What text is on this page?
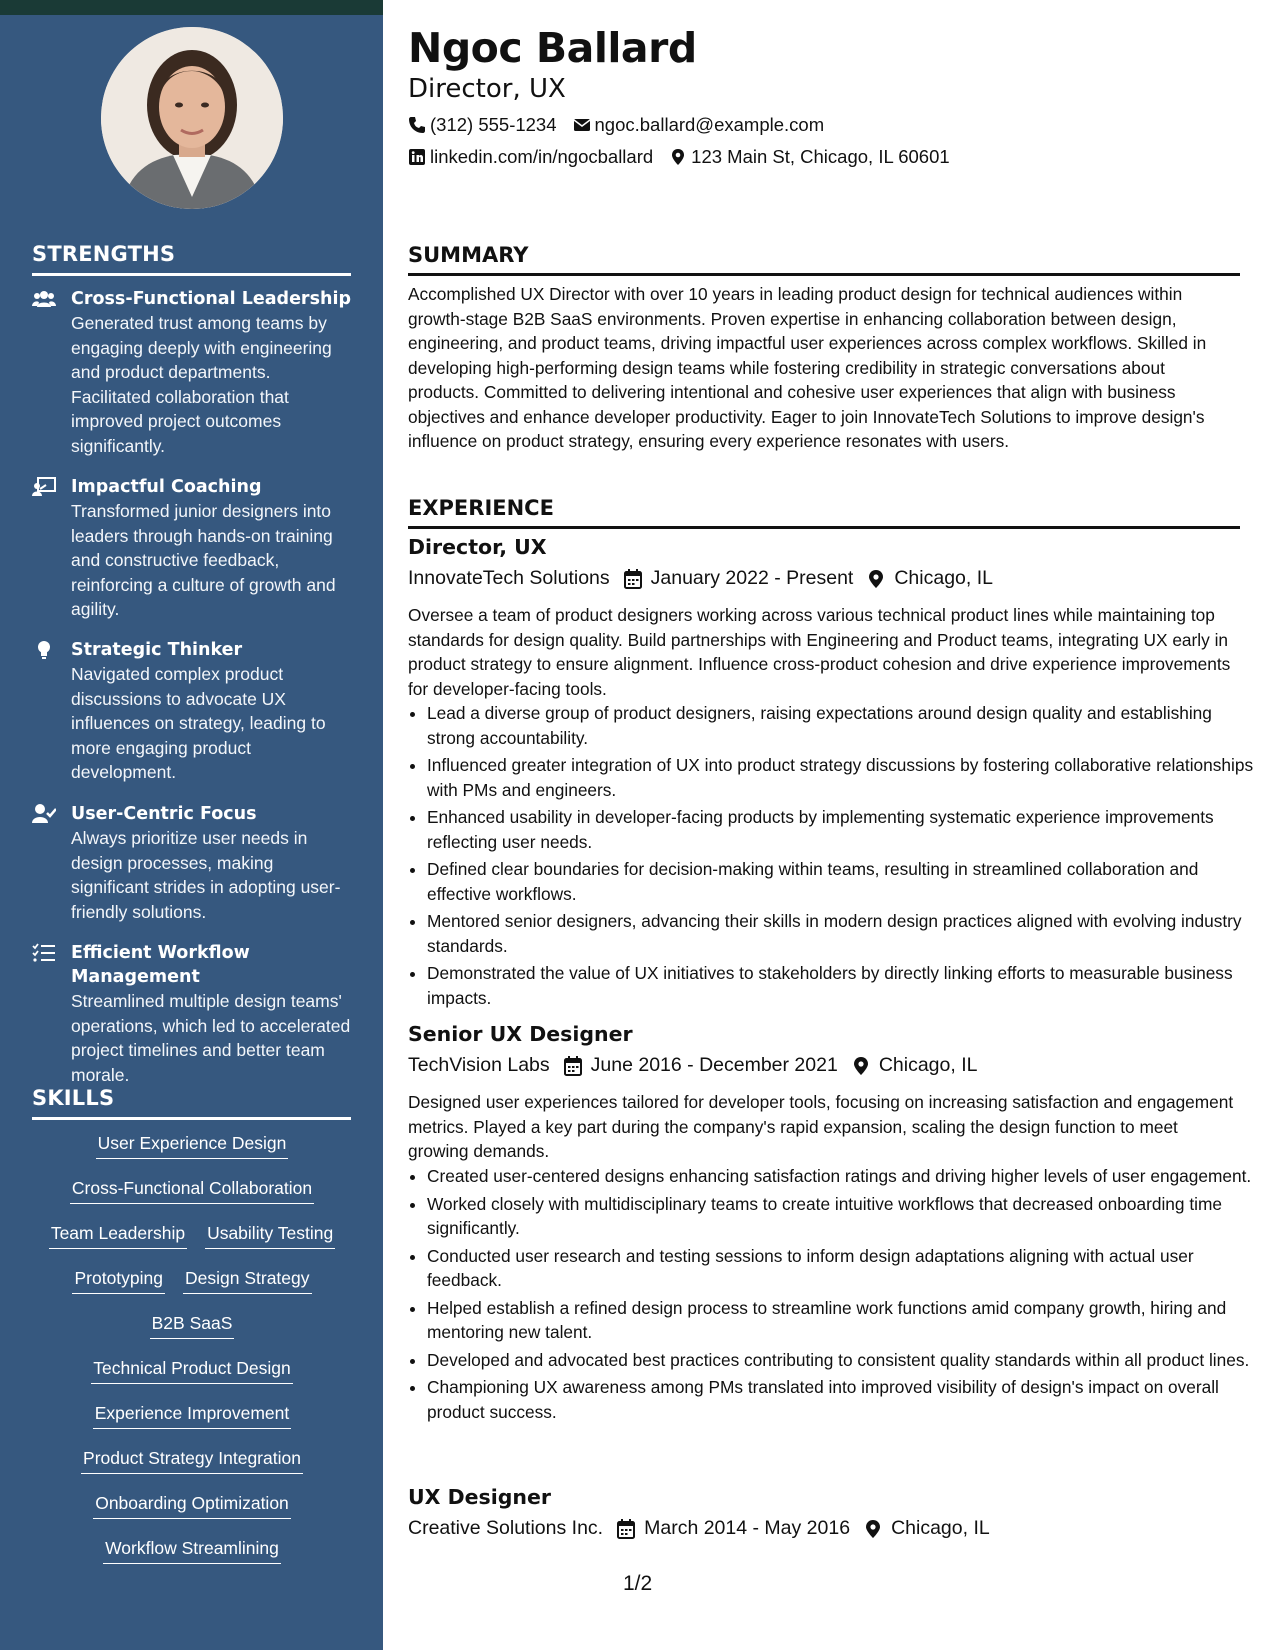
STRENGTHS
Cross-Functional Leadership
Generated trust among teams by engaging deeply with engineering and product departments. Facilitated collaboration that improved project outcomes significantly.
Impactful Coaching
Transformed junior designers into leaders through hands-on training and constructive feedback, reinforcing a culture of growth and agility.
Strategic Thinker
Navigated complex product discussions to advocate UX influences on strategy, leading to more engaging product development.
User-Centric Focus
Always prioritize user needs in design processes, making significant strides in adopting user-friendly solutions.
Efficient Workflow Management
Streamlined multiple design teams' operations, which led to accelerated project timelines and better team morale.
SKILLS
User Experience Design
Cross-Functional Collaboration
Team Leadership Usability Testing
Prototyping Design Strategy
B2B SaaS
Technical Product Design
Experience Improvement
Product Strategy Integration
Onboarding Optimization
Workflow Streamlining
Ngoc Ballard
Director, UX
(312) 555-1234 ngoc.ballard@example.com
linkedin.com/in/ngocballard 123 Main St, Chicago, IL 60601
SUMMARY
Accomplished UX Director with over 10 years in leading product design for technical audiences within growth-stage B2B SaaS environments. Proven expertise in enhancing collaboration between design, engineering, and product teams, driving impactful user experiences across complex workflows. Skilled in developing high-performing design teams while fostering credibility in strategic conversations about products. Committed to delivering intentional and cohesive user experiences that align with business objectives and enhance developer productivity. Eager to join InnovateTech Solutions to improve design's influence on product strategy, ensuring every experience resonates with users.
EXPERIENCE
Director, UX
InnovateTech Solutions January 2022 - Present Chicago, IL
Oversee a team of product designers working across various technical product lines while maintaining top standards for design quality. Build partnerships with Engineering and Product teams, integrating UX early in product strategy to ensure alignment. Influence cross-product cohesion and drive experience improvements for developer-facing tools.
• Lead a diverse group of product designers, raising expectations around design quality and establishing strong accountability.
• Influenced greater integration of UX into product strategy discussions by fostering collaborative relationships with PMs and engineers.
• Enhanced usability in developer-facing products by implementing systematic experience improvements reflecting user needs.
• Defined clear boundaries for decision-making within teams, resulting in streamlined collaboration and effective workflows.
• Mentored senior designers, advancing their skills in modern design practices aligned with evolving industry standards.
• Demonstrated the value of UX initiatives to stakeholders by directly linking efforts to measurable business impacts.
Senior UX Designer
TechVision Labs June 2016 - December 2021 Chicago, IL
Designed user experiences tailored for developer tools, focusing on increasing satisfaction and engagement metrics. Played a key part during the company's rapid expansion, scaling the design function to meet growing demands.
• Created user-centered designs enhancing satisfaction ratings and driving higher levels of user engagement.
• Worked closely with multidisciplinary teams to create intuitive workflows that decreased onboarding time significantly.
• Conducted user research and testing sessions to inform design adaptations aligning with actual user feedback.
• Helped establish a refined design process to streamline work functions amid company growth, hiring and mentoring new talent.
• Developed and advocated best practices contributing to consistent quality standards within all product lines.
• Championing UX awareness among PMs translated into improved visibility of design's impact on overall product success.
UX Designer
Creative Solutions Inc. March 2014 - May 2016 Chicago, IL
1/2
